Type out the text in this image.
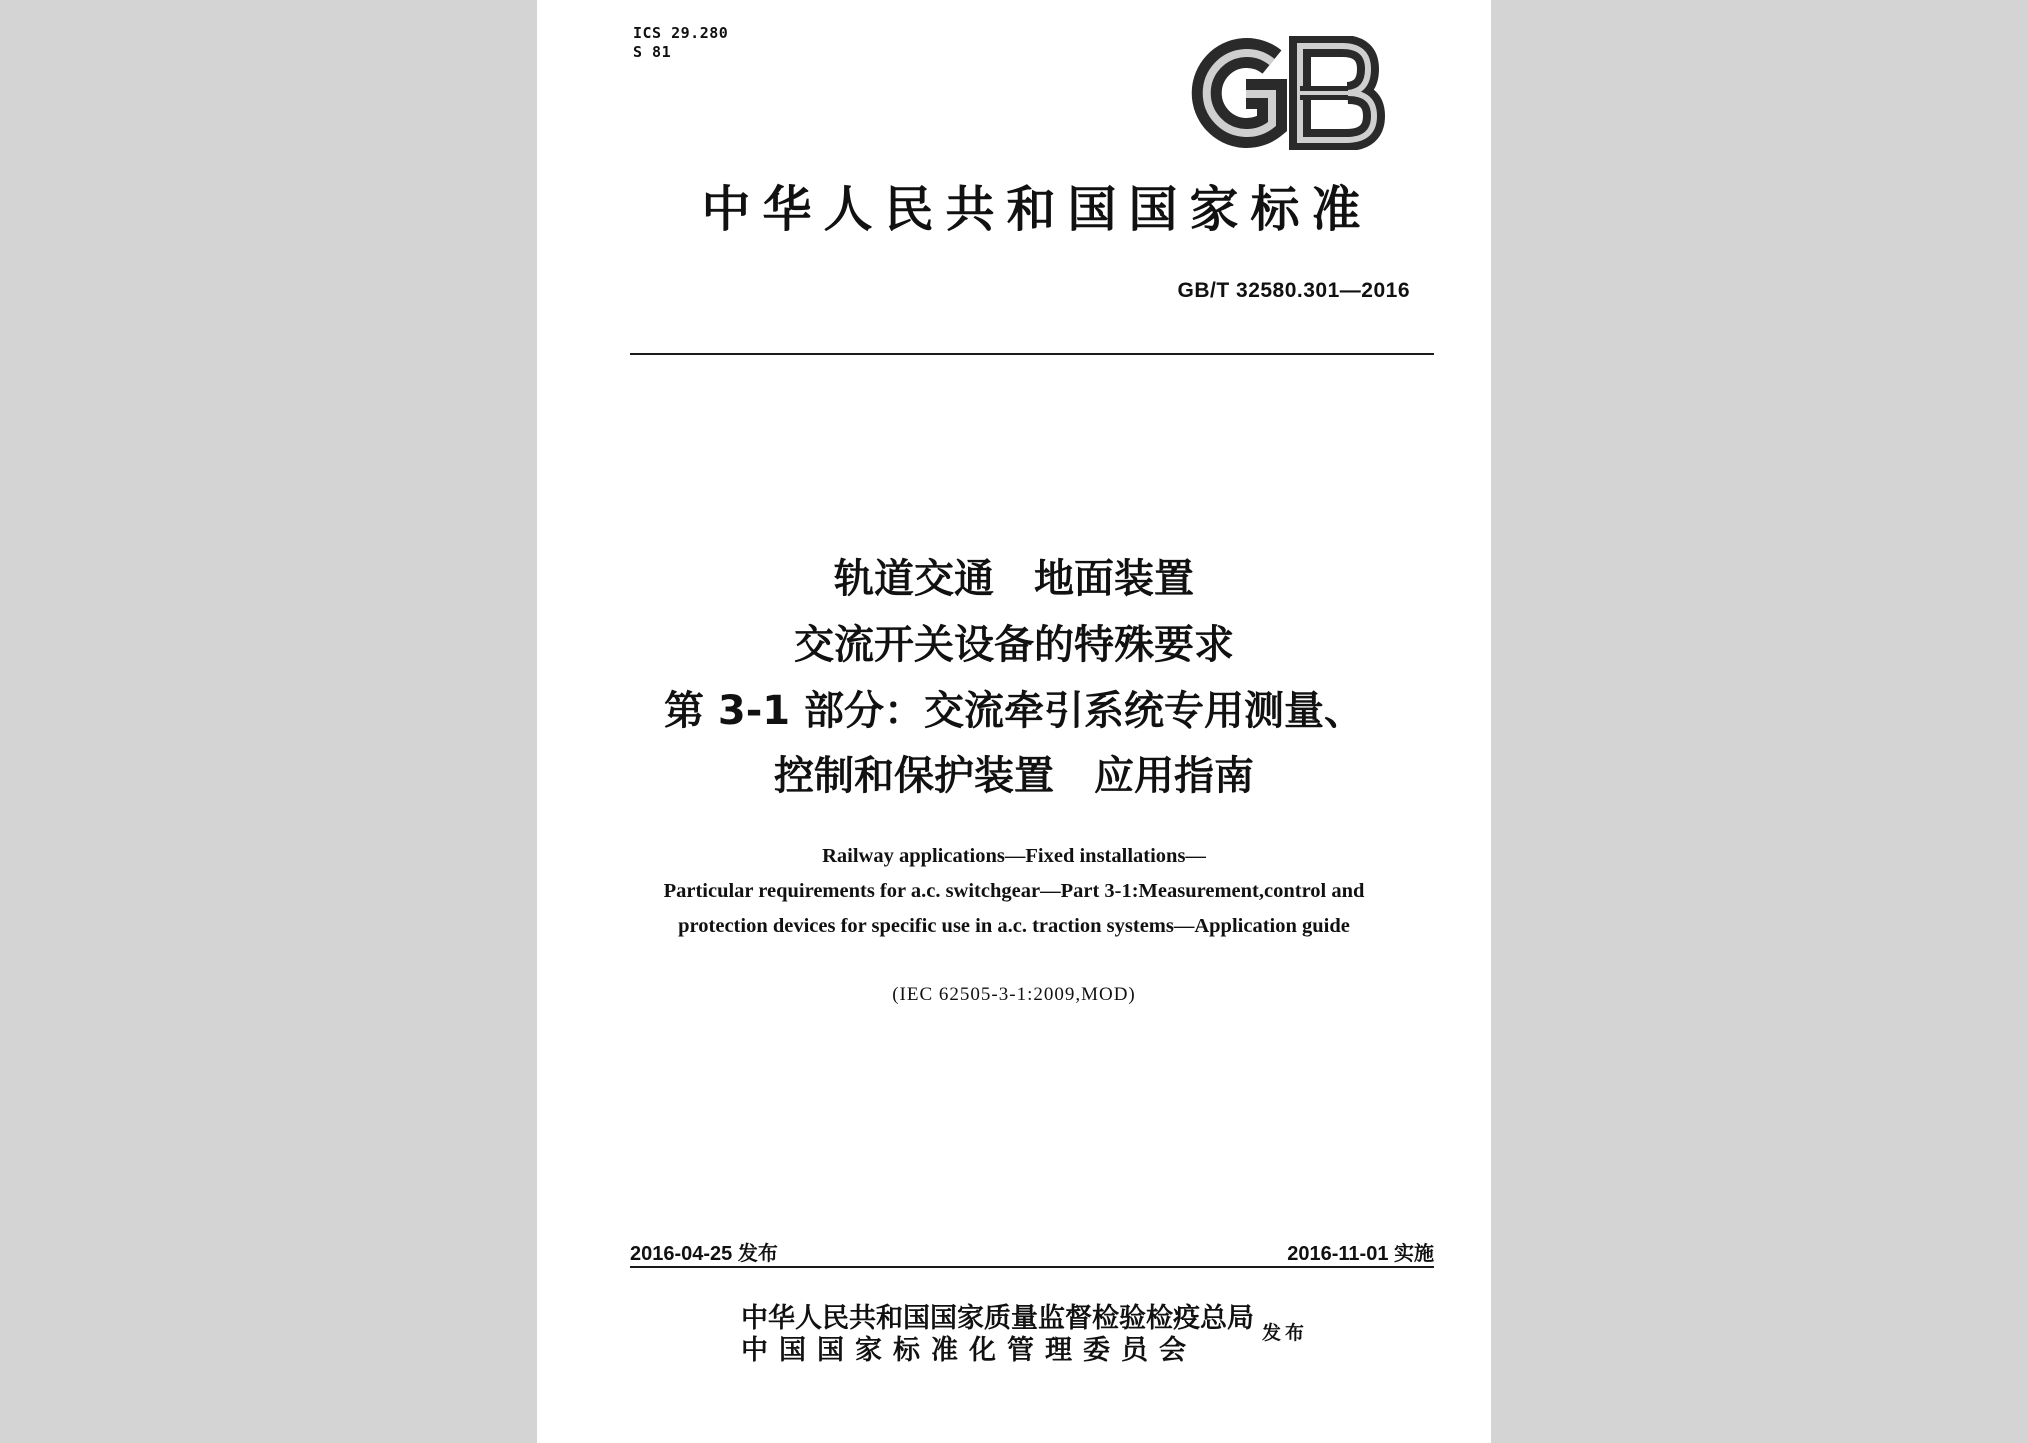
ICS 29.280
S 81
中华人民共和国国家标准
GB/T 32580.301—2016
轨道交通　地面装置
交流开关设备的特殊要求
第 3-1 部分：交流牵引系统专用测量、
控制和保护装置　应用指南
Railway applications—Fixed installations—
Particular requirements for a.c. switchgear—Part 3-1:Measurement,control and
protection devices for specific use in a.c. traction systems—Application guide
(IEC 62505-3-1:2009,MOD)
2016-04-25 发布	2016-11-01 实施
中华人民共和国国家质量监督检验检疫总局
中国国家标准化管理委员会
发布
